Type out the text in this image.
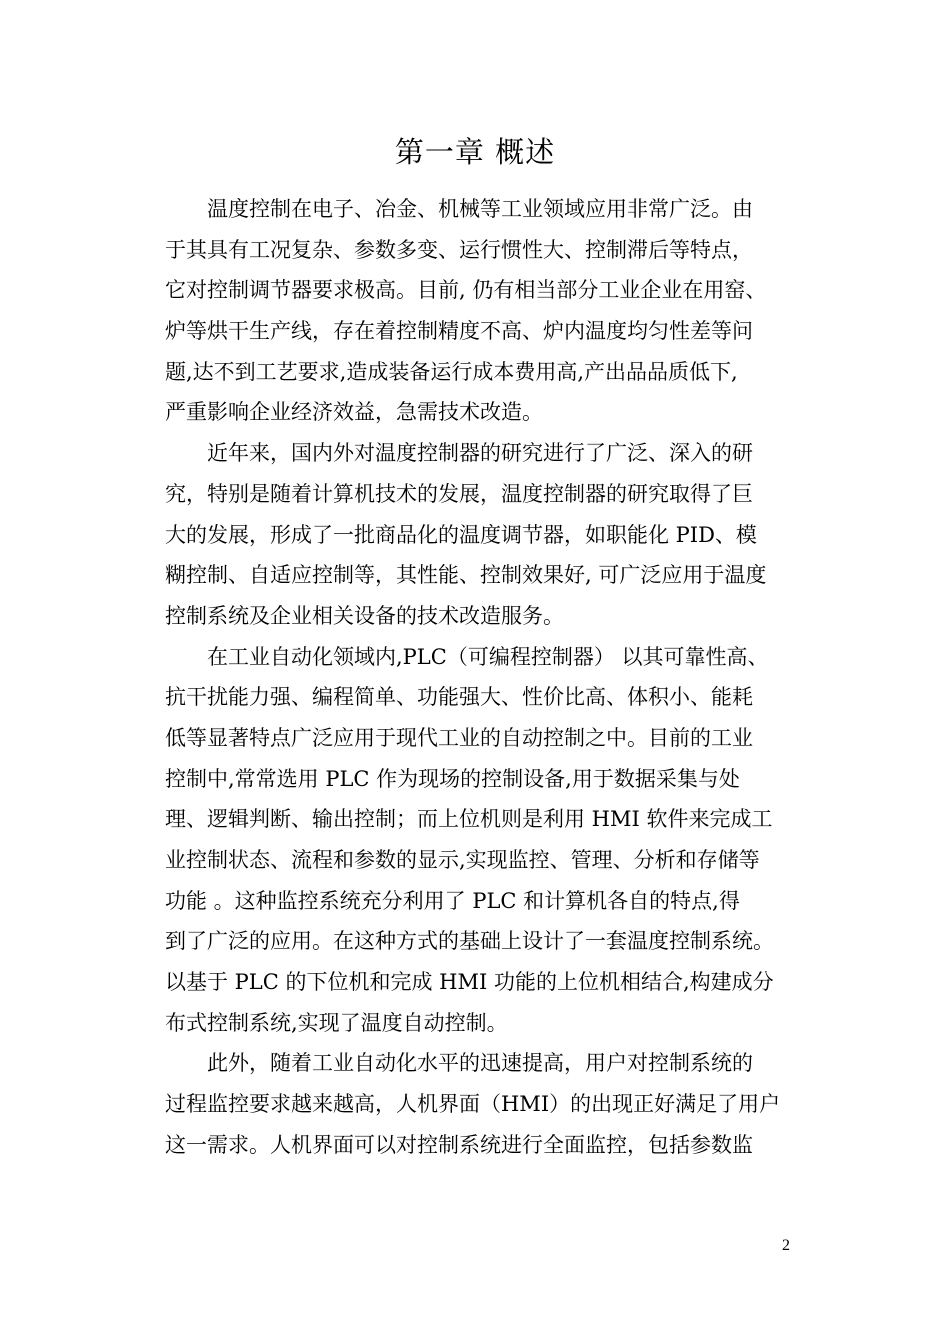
第一章 概述
温度控制在电子、冶金、机械等工业领域应用非常广泛。由
于其具有工况复杂、参数多变、运行惯性大、控制滞后等特点，
它对控制调节器要求极高。目前, 仍有相当部分工业企业在用窑、
炉等烘干生产线，存在着控制精度不高、炉内温度均匀性差等问
题,达不到工艺要求,造成装备运行成本费用高,产出品品质低下,
严重影响企业经济效益，急需技术改造。
近年来，国内外对温度控制器的研究进行了广泛、深入的研
究，特别是随着计算机技术的发展，温度控制器的研究取得了巨
大的发展，形成了一批商品化的温度调节器，如职能化 PID、模
糊控制、自适应控制等，其性能、控制效果好, 可广泛应用于温度
控制系统及企业相关设备的技术改造服务。
在工业自动化领域内,PLC（可编程控制器） 以其可靠性高、
抗干扰能力强、编程简单、功能强大、性价比高、体积小、能耗
低等显著特点广泛应用于现代工业的自动控制之中。目前的工业
控制中,常常选用 PLC 作为现场的控制设备,用于数据采集与处
理、逻辑判断、输出控制；而上位机则是利用 HMI 软件来完成工
业控制状态、流程和参数的显示,实现监控、管理、分析和存储等
功能 。这种监控系统充分利用了 PLC 和计算机各自的特点,得
到了广泛的应用。在这种方式的基础上设计了一套温度控制系统。
以基于 PLC 的下位机和完成 HMI 功能的上位机相结合,构建成分
布式控制系统,实现了温度自动控制。
此外，随着工业自动化水平的迅速提高，用户对控制系统的
过程监控要求越来越高，人机界面（HMI）的出现正好满足了用户
这一需求。人机界面可以对控制系统进行全面监控，包括参数监
2
